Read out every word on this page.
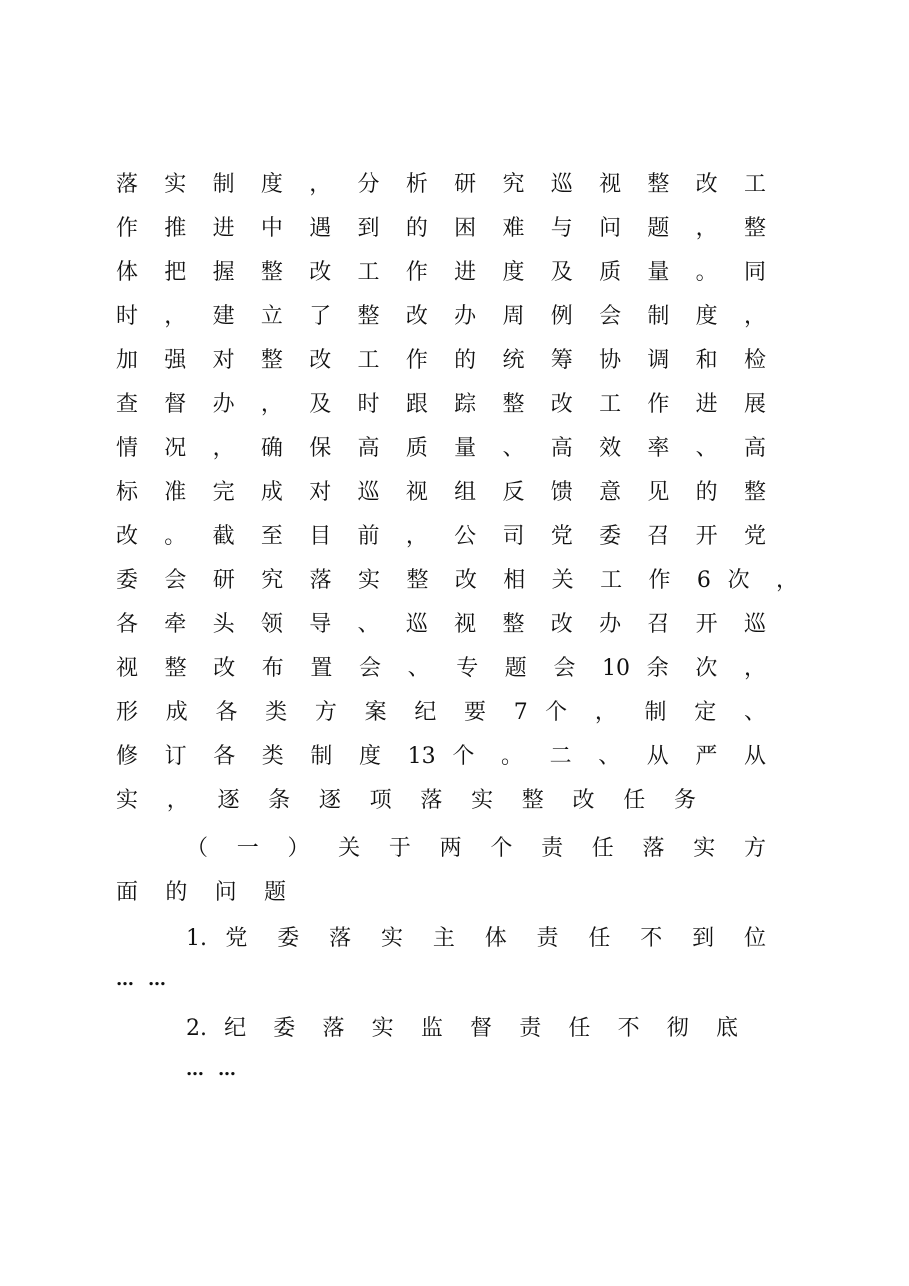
落 实 制 度 ， 分 析 研 究 巡 视 整 改 工
作 推 进 中 遇 到 的 困 难 与 问 题 ， 整
体 把 握 整 改 工 作 进 度 及 质 量 。 同
时 ， 建 立 了 整 改 办 周 例 会 制 度 ，
加 强 对 整 改 工 作 的 统 筹 协 调 和 检
查 督 办 ， 及 时 跟 踪 整 改 工 作 进 展
情 况 ， 确 保 高 质 量 、 高 效 率 、 高
标 准 完 成 对 巡 视 组 反 馈 意 见 的 整
改 。 截 至 目 前 ， 公 司 党 委 召 开 党
委 会 研 究 落 实 整 改 相 关 工 作 6 次 ，
各 牵 头 领 导 、 巡 视 整 改 办 召 开 巡
视 整 改 布 置 会 、 专 题 会 10 余 次 ，
形 成 各 类 方 案 纪 要 7 个 ， 制 定 、
修 订 各 类 制 度 13 个 。 二 、 从 严 从
实 ， 逐 条 逐 项 落 实 整 改 任 务
（ 一 ） 关 于 两 个 责 任 落 实 方
面 的 问 题
1. 党 委 落 实 主 体 责 任 不 到 位
……
2. 纪 委 落 实 监 督 责 任 不 彻 底
……
